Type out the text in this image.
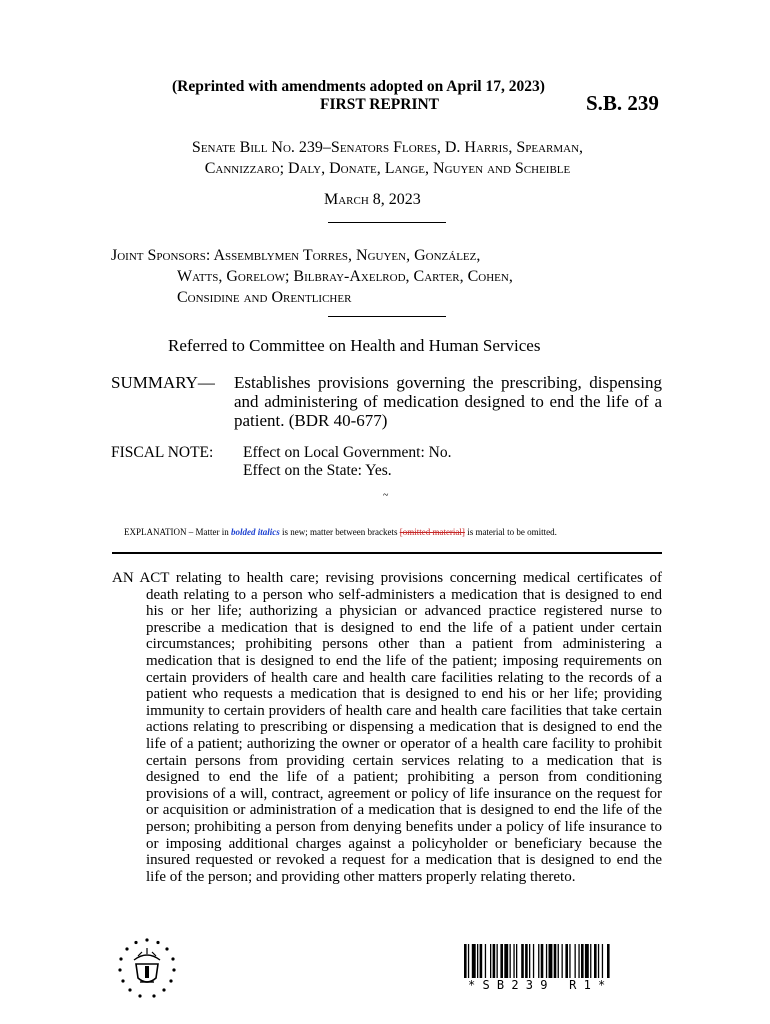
(Reprinted with amendments adopted on April 17, 2023)
FIRST REPRINT	S.B. 239
Senate Bill No. 239–Senators Flores, D. Harris, Spearman,
Cannizzaro; Daly, Donate, Lange, Nguyen and Scheible
March 8, 2023
Joint Sponsors: Assemblymen Torres, Nguyen, González,
Watts, Gorelow; Bilbray-Axelrod, Carter, Cohen,
Considine and Orentlicher
Referred to Committee on Health and Human Services
SUMMARY— Establishes provisions governing the prescribing, dispensing and administering of medication designed to end the life of a patient. (BDR 40-677)
FISCAL NOTE: Effect on Local Government: No.
Effect on the State: Yes.
~
EXPLANATION – Matter in bolded italics is new; matter between brackets [omitted material] is material to be omitted.

AN ACT relating to health care; revising provisions concerning medical certificates of death relating to a person who self-administers a medication that is designed to end his or her life; authorizing a physician or advanced practice registered nurse to prescribe a medication that is designed to end the life of a patient under certain circumstances; prohibiting persons other than a patient from administering a medication that is designed to end the life of the patient; imposing requirements on certain providers of health care and health care facilities relating to the records of a patient who requests a medication that is designed to end his or her life; providing immunity to certain providers of health care and health care facilities that take certain actions relating to prescribing or dispensing a medication that is designed to end the life of a patient; authorizing the owner or operator of a health care facility to prohibit certain persons from providing certain services relating to a medication that is designed to end the life of a patient; prohibiting a person from conditioning provisions of a will, contract, agreement or policy of life insurance on the request for or acquisition or administration of a medication that is designed to end the life of the person; prohibiting a person from denying benefits under a policy of life insurance to or imposing additional charges against a policyholder or beneficiary because the insured requested or revoked a request for a medication that is designed to end the life of the person; and providing other matters properly relating thereto.

* S B 2 3 9   R 1 *
